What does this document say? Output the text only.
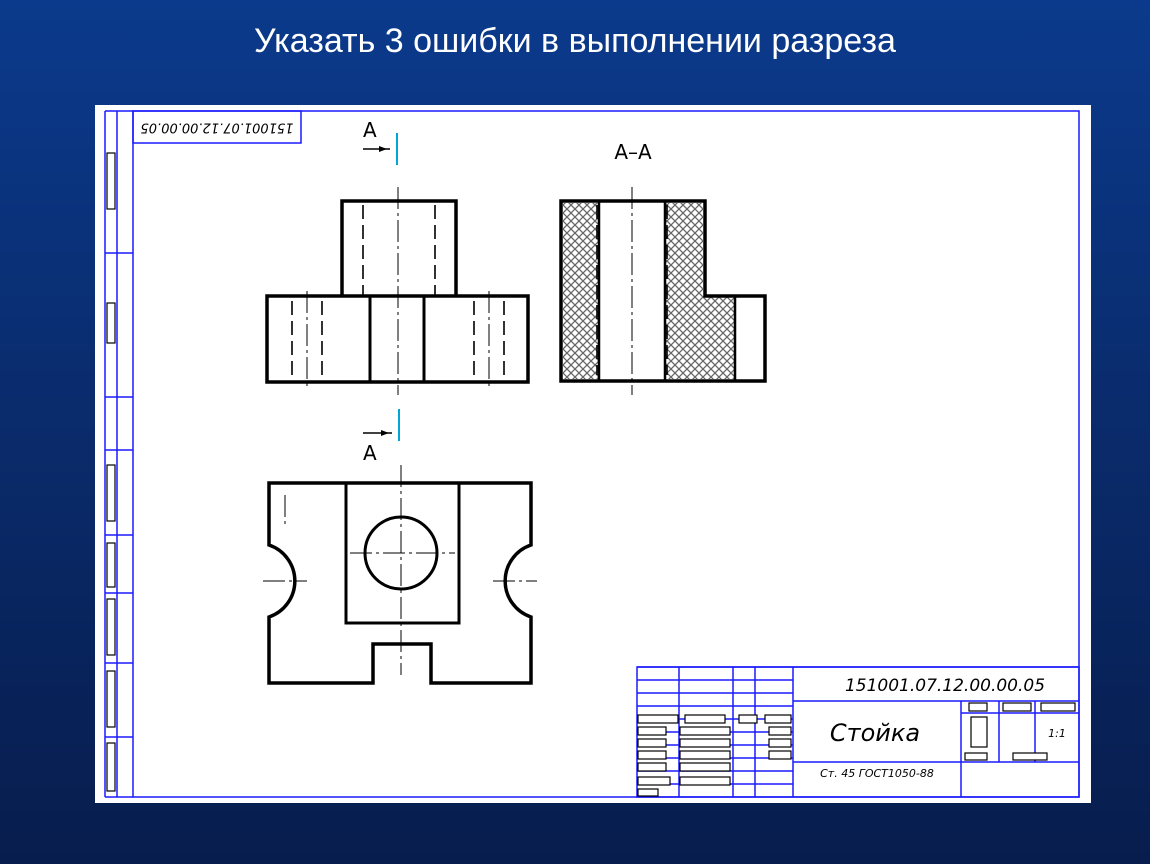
Указать 3 ошибки в выполнении разреза
151001.07.12.00.00.05	А
А–А
А
151001.07.12.00.00.05
Стойка
Ст. 45 ГОСТ1050-88
1:1
